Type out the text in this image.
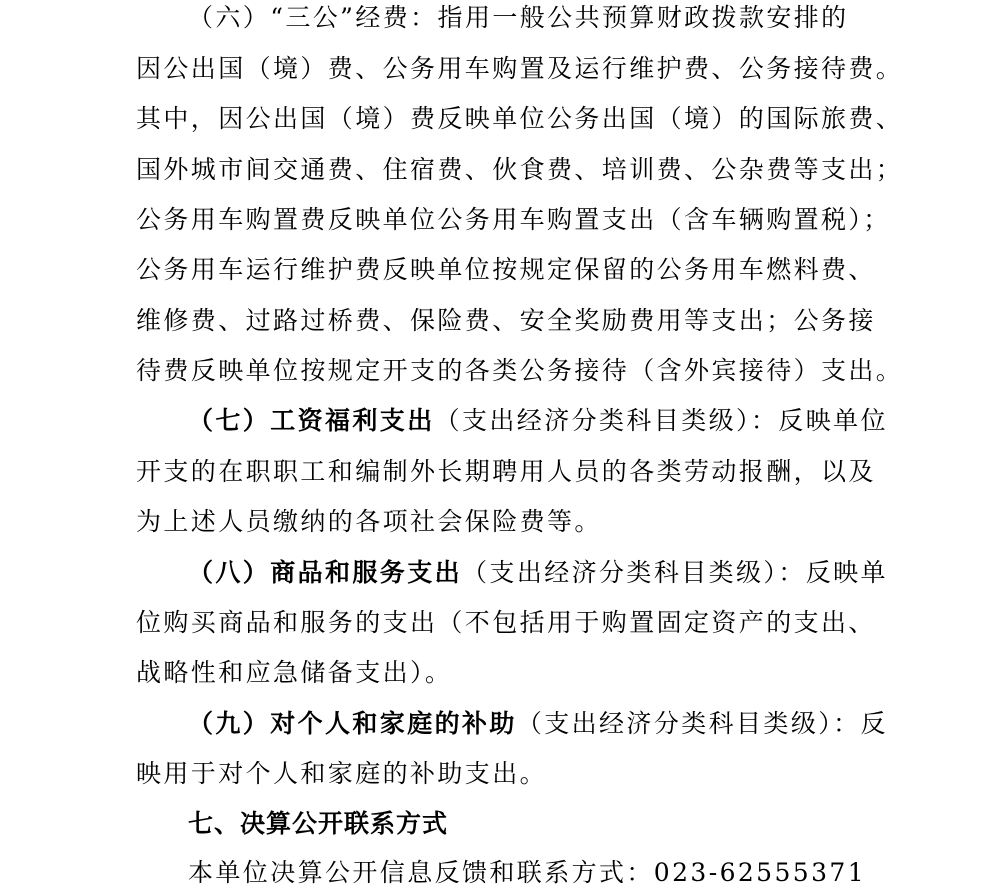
（六）“三公”经费：指用一般公共预算财政拨款安排的
因公出国（境）费、公务用车购置及运行维护费、公务接待费。
其中，因公出国（境）费反映单位公务出国（境）的国际旅费、
国外城市间交通费、住宿费、伙食费、培训费、公杂费等支出；
公务用车购置费反映单位公务用车购置支出（含车辆购置税）；
公务用车运行维护费反映单位按规定保留的公务用车燃料费、
维修费、过路过桥费、保险费、安全奖励费用等支出；公务接
待费反映单位按规定开支的各类公务接待（含外宾接待）支出。
（七）工资福利支出（支出经济分类科目类级）：反映单位
开支的在职职工和编制外长期聘用人员的各类劳动报酬，以及
为上述人员缴纳的各项社会保险费等。
（八）商品和服务支出（支出经济分类科目类级）：反映单
位购买商品和服务的支出（不包括用于购置固定资产的支出、
战略性和应急储备支出）。
（九）对个人和家庭的补助（支出经济分类科目类级）：反
映用于对个人和家庭的补助支出。
七、决算公开联系方式
本单位决算公开信息反馈和联系方式：023-62555371
